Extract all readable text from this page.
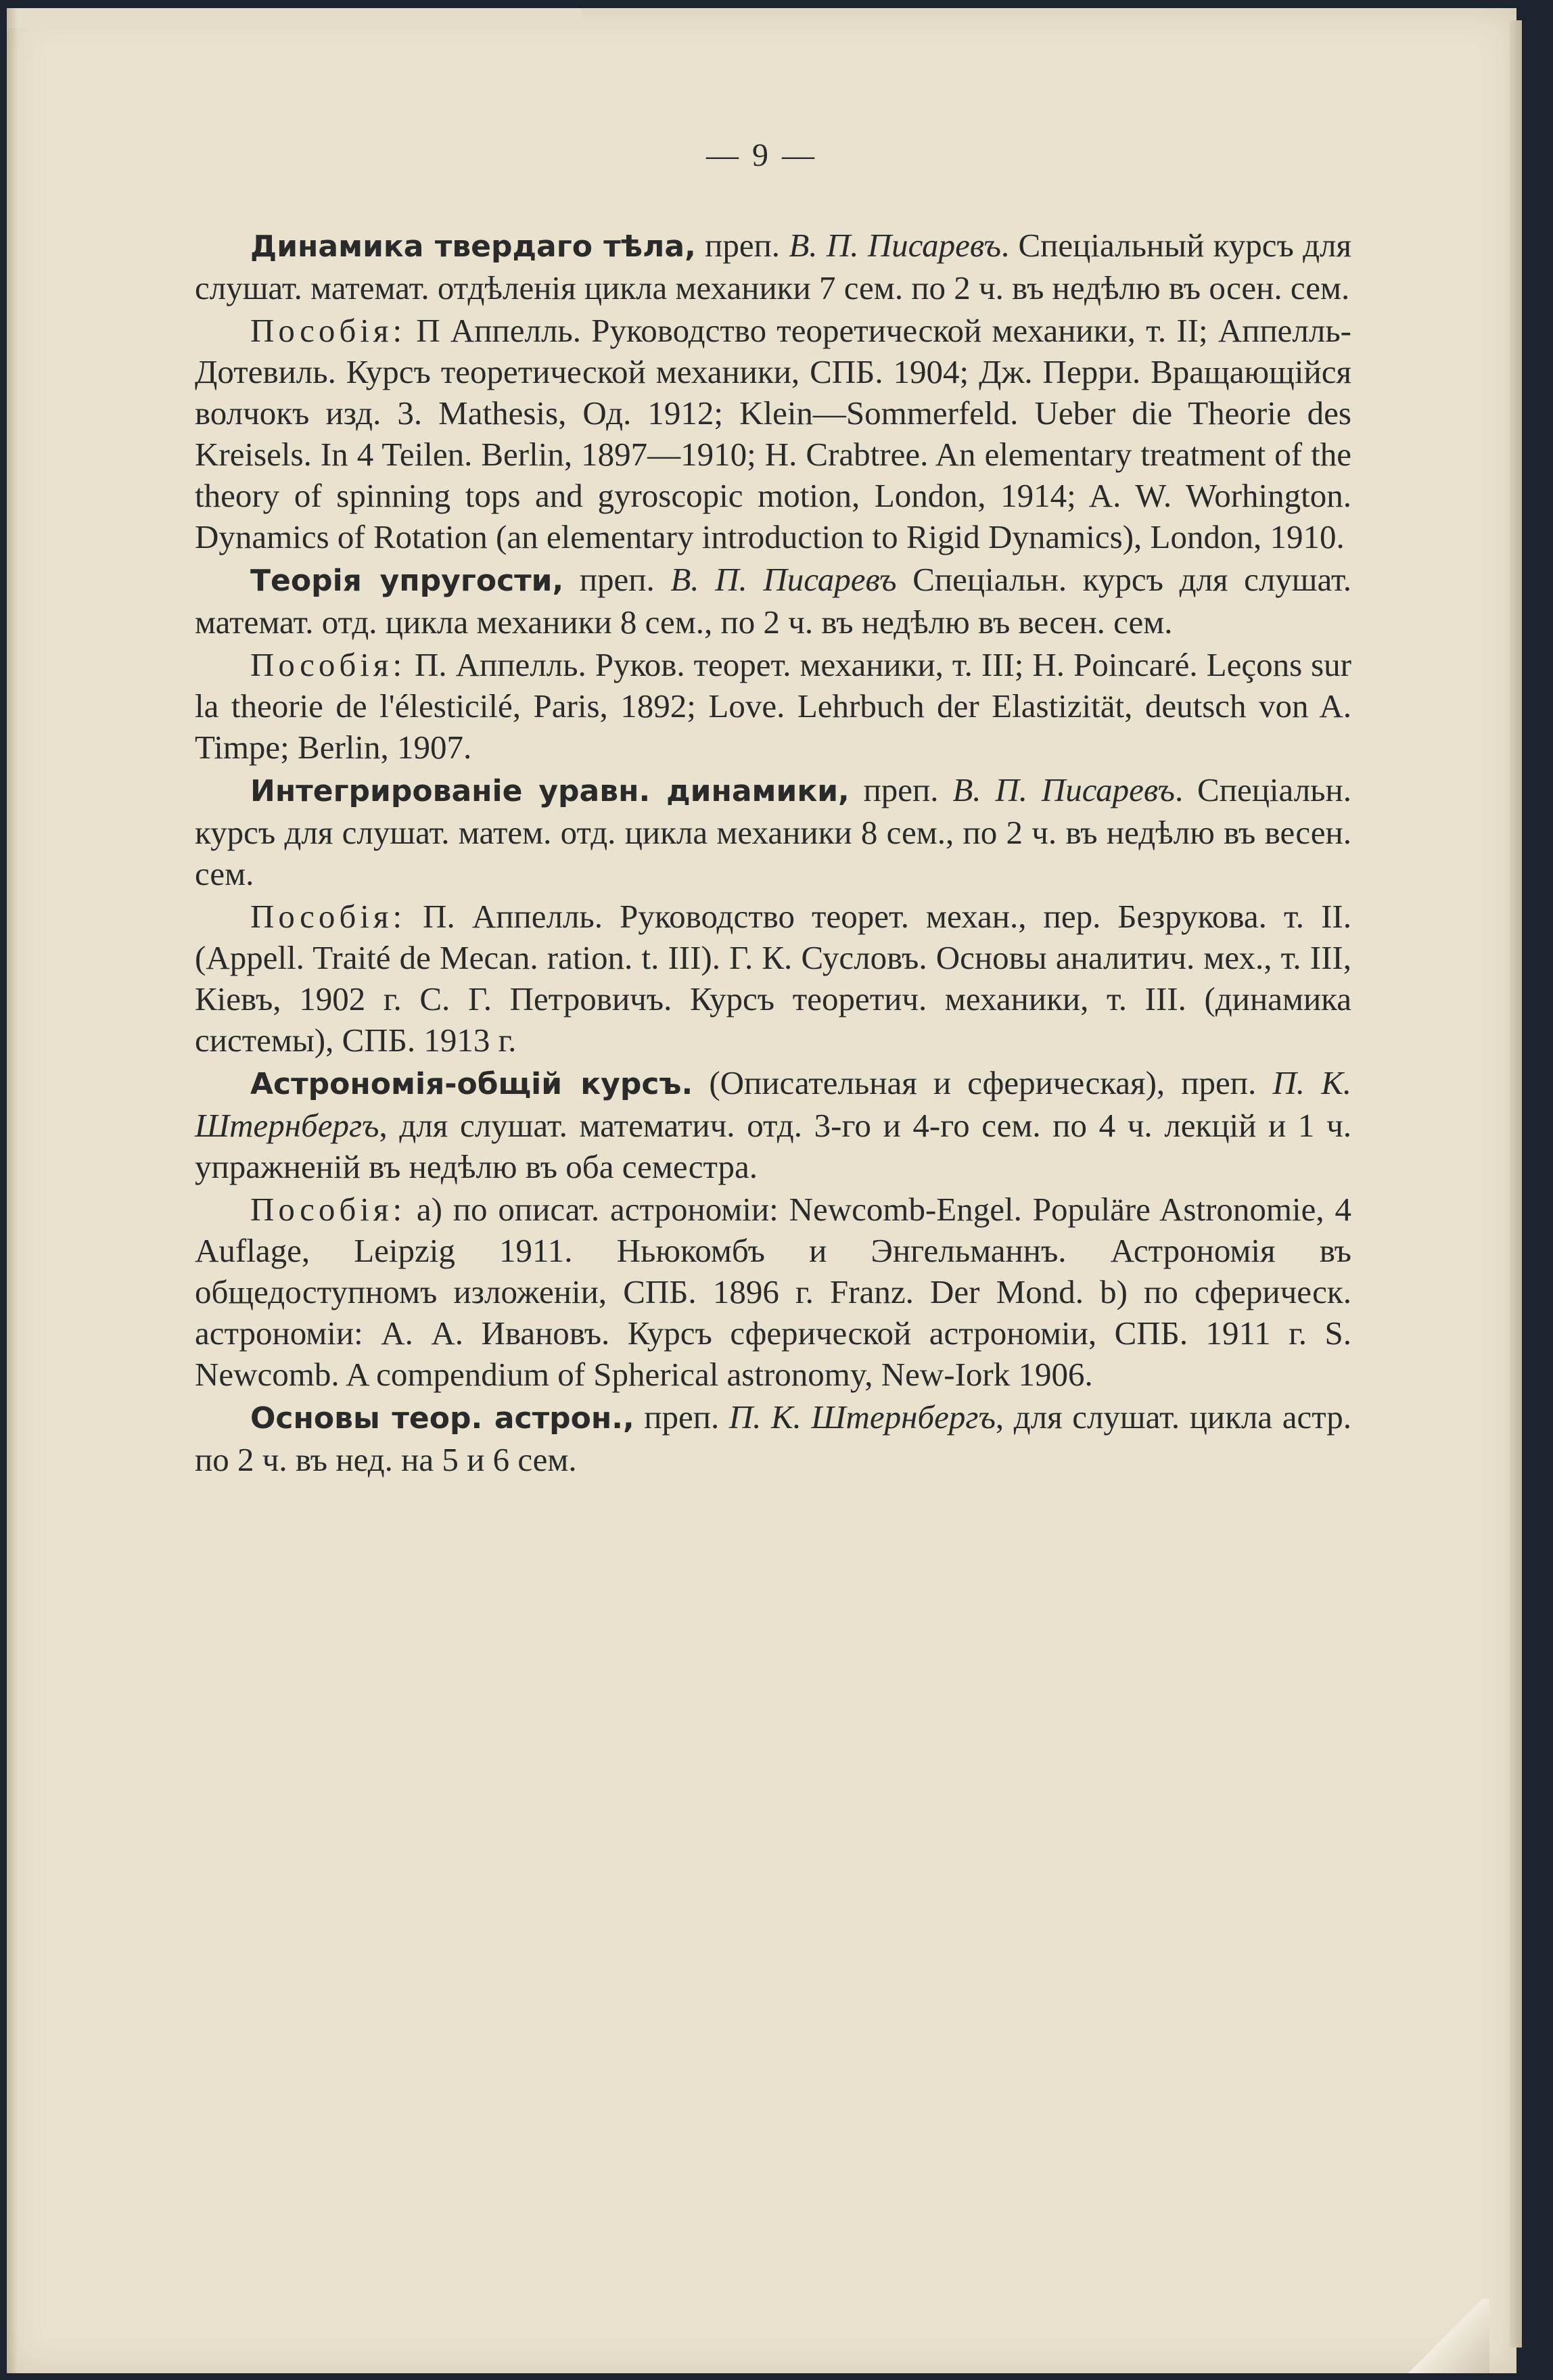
— 9 —

Динамика твердаго тѣла, преп. В. П. Писаревъ. Спеціальный курсъ для слушат. математ. отдѣленія цикла механики 7 сем. по 2 ч. въ недѣлю въ осен. сем.

Пособія: П Аппелль. Руководство теоретической механики, т. II; Аппелль-Дотевиль. Курсъ теоретической механики, СПБ. 1904; Дж. Перри. Вращающійся волчокъ изд. 3. Mathesis, Од. 1912; Klein—Sommerfeld. Ueber die Theorie des Kreisels. In 4 Teilen. Berlin, 1897—1910; H. Crabtree. An elementary treatment of the theory of spinning tops and gyroscopic motion, London, 1914; A. W. Worhington. Dynamics of Rotation (an elementary introduction to Rigid Dynamics), London, 1910.

Теорія упругости, преп. В. П. Писаревъ Спеціальн. курсъ для слушат. математ. отд. цикла механики 8 сем., по 2 ч. въ недѣлю въ весен. сем.

Пособія: П. Аппелль. Руков. теорет. механики, т. III; H. Poincaré. Leçons sur la theorie de l'élesticilé, Paris, 1892; Love. Lehrbuch der Elastizität, deutsch von A. Timpe; Berlin, 1907.

Интегрированіе уравн. динамики, преп. В. П. Писаревъ. Спеціальн. курсъ для слушат. матем. отд. цикла механики 8 сем., по 2 ч. въ недѣлю въ весен. сем.

Пособія: П. Аппелль. Руководство теорет. механ., пер. Безрукова. т. II. (Appell. Traité de Mecan. ration. t. III). Г. К. Сусловъ. Основы аналитич. мех., т. III, Кіевъ, 1902 г. С. Г. Петровичъ. Курсъ теоретич. механики, т. III. (динамика системы), СПБ. 1913 г.

Астрономія-общій курсъ. (Описательная и сферическая), преп. П. К. Штернбергъ, для слушат. математич. отд. 3-го и 4-го сем. по 4 ч. лекцій и 1 ч. упражненій въ недѣлю въ оба семестра.

Пособія: а) по описат. астрономіи: Newcomb-Engel. Populäre Astronomie, 4 Auflage, Leipzig 1911. Ньюкомбъ и Энгельманнъ. Астрономія въ общедоступномъ изложеніи, СПБ. 1896 г. Franz. Der Mond. b) по сферическ. астрономіи: А. А. Ивановъ. Курсъ сферической астрономіи, СПБ. 1911 г. S. Newcomb. A compendium of Spherical astronomy, New-Iork 1906.

Основы теор. астрон., преп. П. К. Штернбергъ, для слушат. цикла астр. по 2 ч. въ нед. на 5 и 6 сем.
